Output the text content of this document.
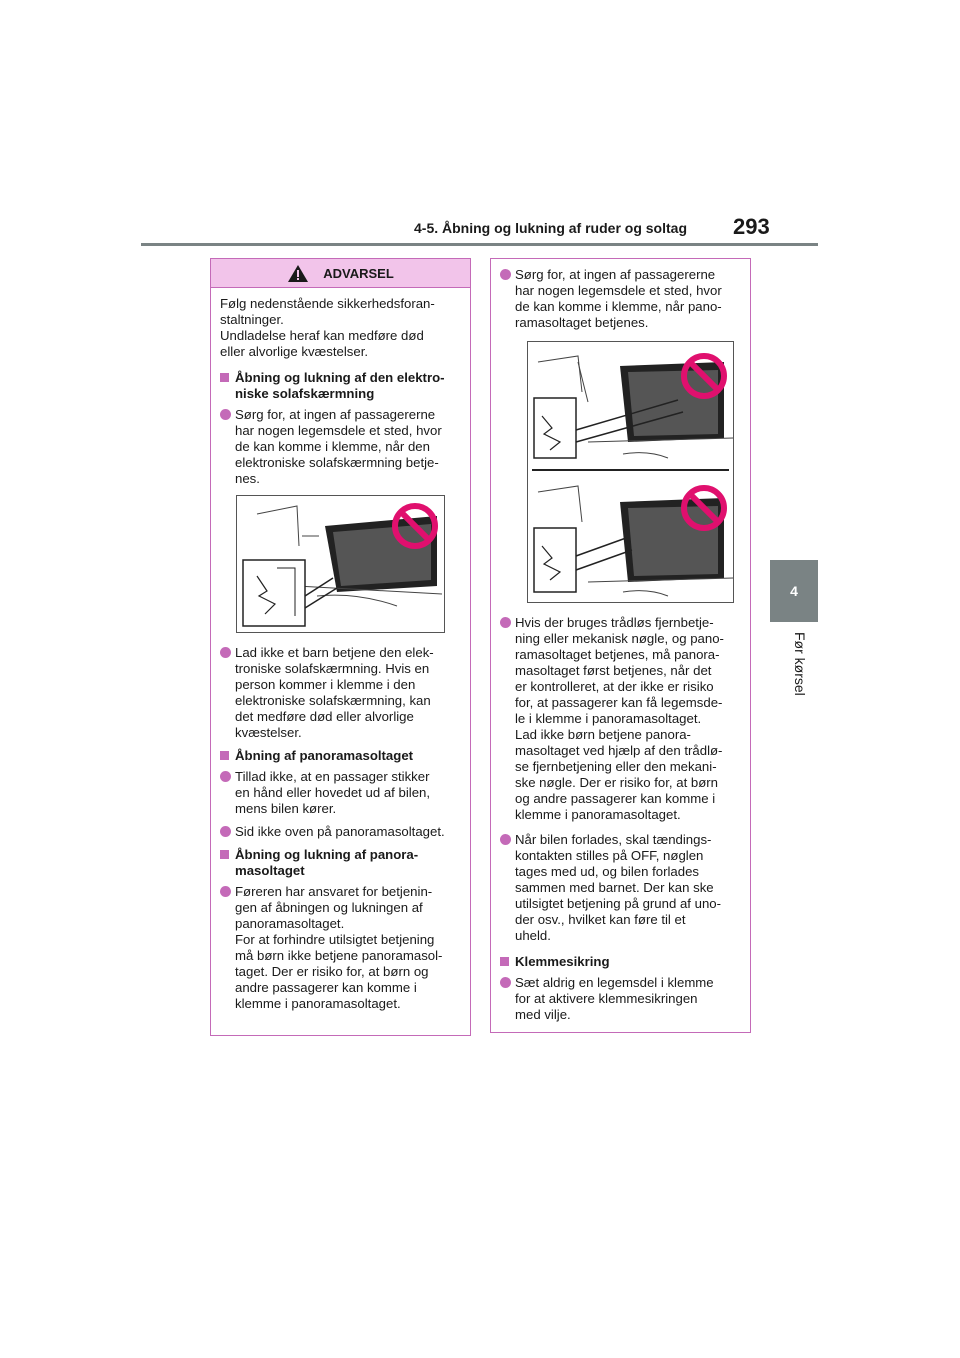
4-5. Åbning og lukning af ruder og soltag 293
4
Før kørsel
ADVARSEL
Følg nedenstående sikkerhedsforan-
staltninger.
Undladelse heraf kan medføre død
eller alvorlige kvæstelser.
Åbning og lukning af den elektro-
niske solafskærmning
Sørg for, at ingen af passagererne
har nogen legemsdele et sted, hvor
de kan komme i klemme, når den
elektroniske solafskærmning betje-
nes.
Lad ikke et barn betjene den elek-
troniske solafskærmning. Hvis en
person kommer i klemme i den
elektroniske solafskærmning, kan
det medføre død eller alvorlige
kvæstelser.
Åbning af panoramasoltaget
Tillad ikke, at en passager stikker
en hånd eller hovedet ud af bilen,
mens bilen kører.
Sid ikke oven på panoramasoltaget.
Åbning og lukning af panora-
masoltaget
Føreren har ansvaret for betjenin-
gen af åbningen og lukningen af
panoramasoltaget.
For at forhindre utilsigtet betjening
må børn ikke betjene panoramasol-
taget. Der er risiko for, at børn og
andre passagerer kan komme i
klemme i panoramasoltaget.
Sørg for, at ingen af passagererne
har nogen legemsdele et sted, hvor
de kan komme i klemme, når pano-
ramasoltaget betjenes.
Hvis der bruges trådløs fjernbetje-
ning eller mekanisk nøgle, og pano-
ramasoltaget betjenes, må panora-
masoltaget først betjenes, når det
er kontrolleret, at der ikke er risiko
for, at passagerer kan få legemsde-
le i klemme i panoramasoltaget.
Lad ikke børn betjene panora-
masoltaget ved hjælp af den trådlø-
se fjernbetjening eller den mekani-
ske nøgle. Der er risiko for, at børn
og andre passagerer kan komme i
klemme i panoramasoltaget.
Når bilen forlades, skal tændings-
kontakten stilles på OFF, nøglen
tages med ud, og bilen forlades
sammen med barnet. Der kan ske
utilsigtet betjening på grund af uno-
der osv., hvilket kan føre til et
uheld.
Klemmesikring
Sæt aldrig en legemsdel i klemme
for at aktivere klemmesikringen
med vilje.
